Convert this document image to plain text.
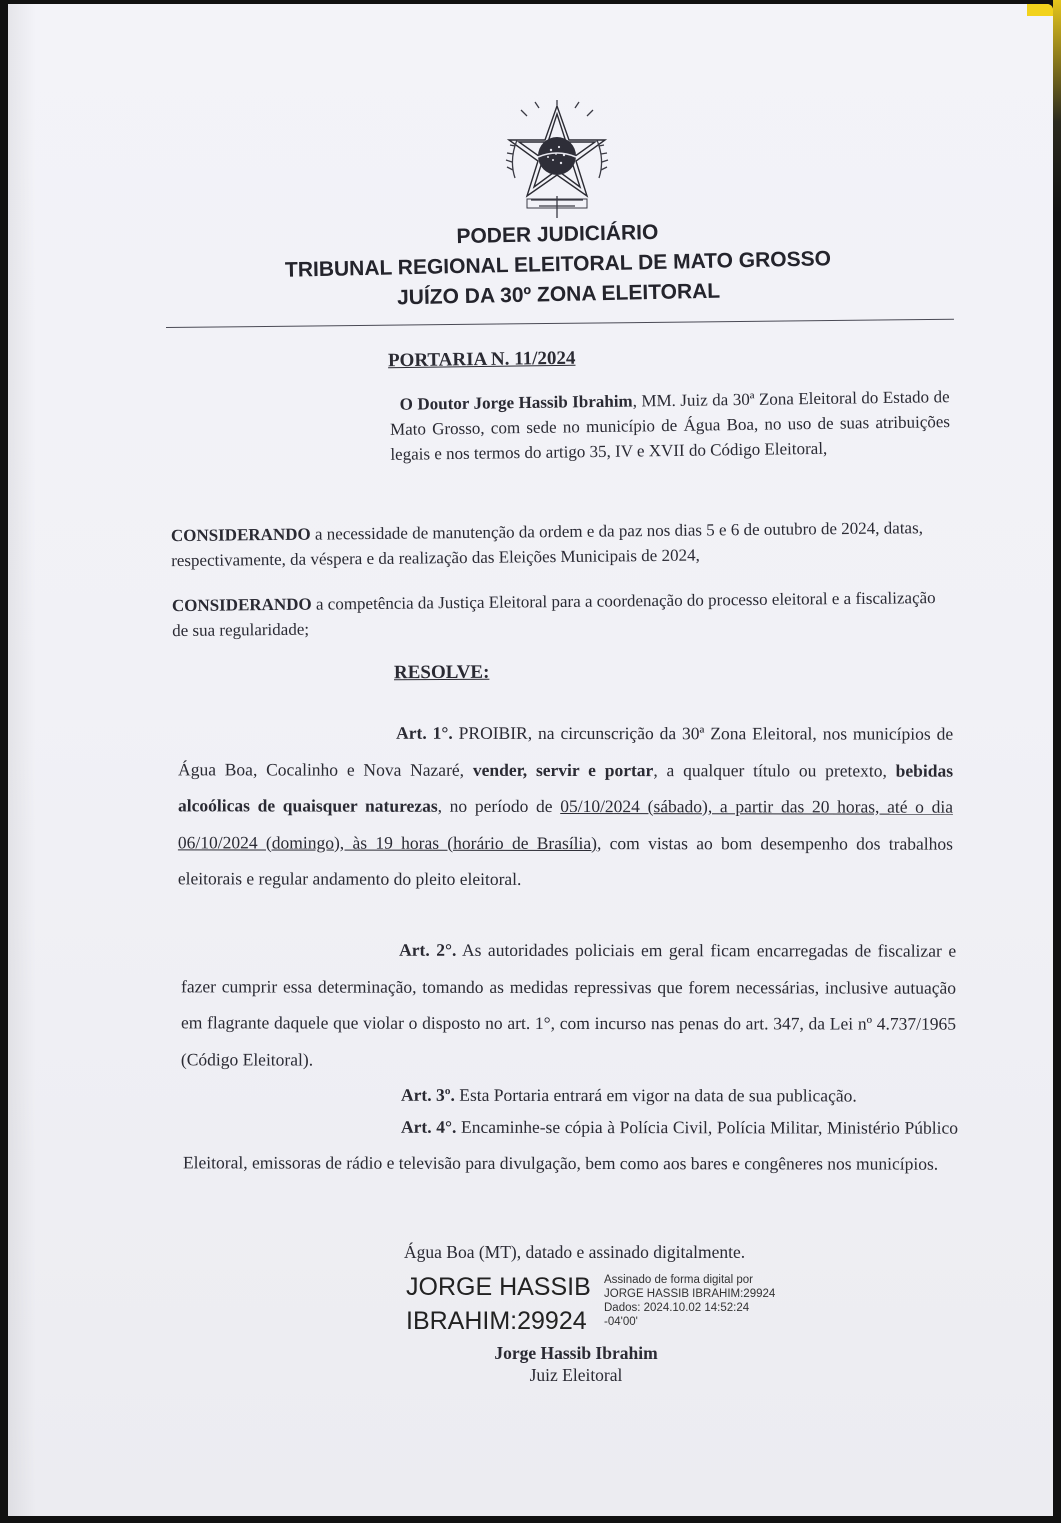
PODER JUDICIÁRIO
TRIBUNAL REGIONAL ELEITORAL DE MATO GROSSO
JUÍZO DA 30º ZONA ELEITORAL
PORTARIA N. 11/2024
O Doutor Jorge Hassib Ibrahim, MM. Juiz da 30ª Zona Eleitoral do Estado de Mato Grosso, com sede no município de Água Boa, no uso de suas atribuições legais e nos termos do artigo 35, IV e XVII do Código Eleitoral,
CONSIDERANDO a necessidade de manutenção da ordem e da paz nos dias 5 e 6 de outubro de 2024, datas, respectivamente, da véspera e da realização das Eleições Municipais de 2024,
CONSIDERANDO a competência da Justiça Eleitoral para a coordenação do processo eleitoral e a fiscalização de sua regularidade;
RESOLVE:
Art. 1°. PROIBIR, na circunscrição da 30ª Zona Eleitoral, nos municípios de Água Boa, Cocalinho e Nova Nazaré, vender, servir e portar, a qualquer título ou pretexto, bebidas alcoólicas de quaisquer naturezas, no período de 05/10/2024 (sábado), a partir das 20 horas, até o dia 06/10/2024 (domingo), às 19 horas (horário de Brasília), com vistas ao bom desempenho dos trabalhos eleitorais e regular andamento do pleito eleitoral.
Art. 2°. As autoridades policiais em geral ficam encarregadas de fiscalizar e fazer cumprir essa determinação, tomando as medidas repressivas que forem necessárias, inclusive autuação em flagrante daquele que violar o disposto no art. 1°, com incurso nas penas do art. 347, da Lei nº 4.737/1965 (Código Eleitoral).
Art. 3º. Esta Portaria entrará em vigor na data de sua publicação.
Art. 4°. Encaminhe-se cópia à Polícia Civil, Polícia Militar, Ministério Público Eleitoral, emissoras de rádio e televisão para divulgação, bem como aos bares e congêneres nos municípios.
Água Boa (MT), datado e assinado digitalmente.
JORGE HASSIB
IBRAHIM:29924
Assinado de forma digital por
JORGE HASSIB IBRAHIM:29924
Dados: 2024.10.02 14:52:24
-04'00'
Jorge Hassib Ibrahim
Juiz Eleitoral
